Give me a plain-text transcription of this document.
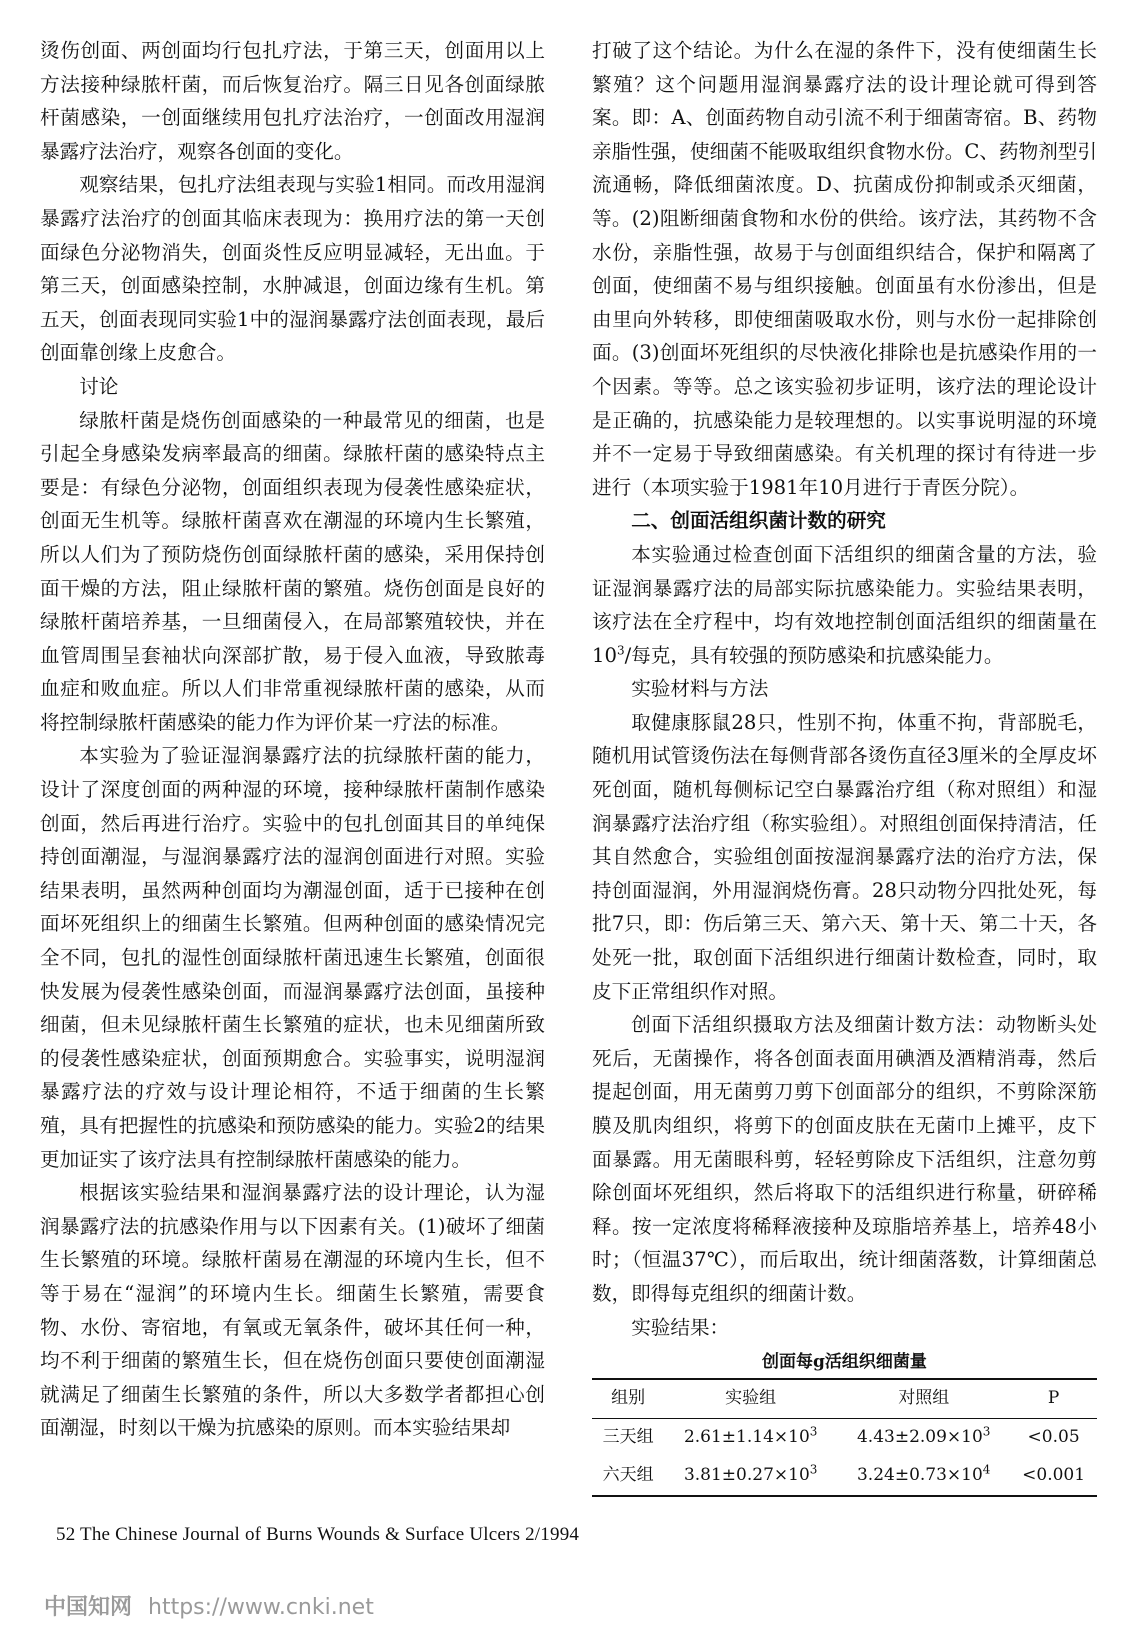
烫伤创面、两创面均行包扎疗法，于第三天，创面用以上方法接种绿脓杆菌，而后恢复治疗。隔三日见各创面绿脓杆菌感染，一创面继续用包扎疗法治疗，一创面改用湿润暴露疗法治疗，观察各创面的变化。

观察结果，包扎疗法组表现与实验1相同。而改用湿润暴露疗法治疗的创面其临床表现为：换用疗法的第一天创面绿色分泌物消失，创面炎性反应明显减轻，无出血。于第三天，创面感染控制，水肿减退，创面边缘有生机。第五天，创面表现同实验1中的湿润暴露疗法创面表现，最后创面靠创缘上皮愈合。

讨论

绿脓杆菌是烧伤创面感染的一种最常见的细菌，也是引起全身感染发病率最高的细菌。绿脓杆菌的感染特点主要是：有绿色分泌物，创面组织表现为侵袭性感染症状，创面无生机等。绿脓杆菌喜欢在潮湿的环境内生长繁殖，所以人们为了预防烧伤创面绿脓杆菌的感染，采用保持创面干燥的方法，阻止绿脓杆菌的繁殖。烧伤创面是良好的绿脓杆菌培养基，一旦细菌侵入，在局部繁殖较快，并在血管周围呈套袖状向深部扩散，易于侵入血液，导致脓毒血症和败血症。所以人们非常重视绿脓杆菌的感染，从而将控制绿脓杆菌感染的能力作为评价某一疗法的标准。

本实验为了验证湿润暴露疗法的抗绿脓杆菌的能力，设计了深度创面的两种湿的环境，接种绿脓杆菌制作感染创面，然后再进行治疗。实验中的包扎创面其目的单纯保持创面潮湿，与湿润暴露疗法的湿润创面进行对照。实验结果表明，虽然两种创面均为潮湿创面，适于已接种在创面坏死组织上的细菌生长繁殖。但两种创面的感染情况完全不同，包扎的湿性创面绿脓杆菌迅速生长繁殖，创面很快发展为侵袭性感染创面，而湿润暴露疗法创面，虽接种细菌，但未见绿脓杆菌生长繁殖的症状，也未见细菌所致的侵袭性感染症状，创面预期愈合。实验事实，说明湿润暴露疗法的疗效与设计理论相符，不适于细菌的生长繁殖，具有把握性的抗感染和预防感染的能力。实验2的结果更加证实了该疗法具有控制绿脓杆菌感染的能力。

根据该实验结果和湿润暴露疗法的设计理论，认为湿润暴露疗法的抗感染作用与以下因素有关。(1)破坏了细菌生长繁殖的环境。绿脓杆菌易在潮湿的环境内生长，但不等于易在“湿润”的环境内生长。细菌生长繁殖，需要食物、水份、寄宿地，有氧或无氧条件，破坏其任何一种，均不利于细菌的繁殖生长，但在烧伤创面只要使创面潮湿就满足了细菌生长繁殖的条件，所以大多数学者都担心创面潮湿，时刻以干燥为抗感染的原则。而本实验结果却

打破了这个结论。为什么在湿的条件下，没有使细菌生长繁殖？这个问题用湿润暴露疗法的设计理论就可得到答案。即：A、创面药物自动引流不利于细菌寄宿。B、药物亲脂性强，使细菌不能吸取组织食物水份。C、药物剂型引流通畅，降低细菌浓度。D、抗菌成份抑制或杀灭细菌，等。(2)阻断细菌食物和水份的供给。该疗法，其药物不含水份，亲脂性强，故易于与创面组织结合，保护和隔离了创面，使细菌不易与组织接触。创面虽有水份渗出，但是由里向外转移，即使细菌吸取水份，则与水份一起排除创面。(3)创面坏死组织的尽快液化排除也是抗感染作用的一个因素。等等。总之该实验初步证明，该疗法的理论设计是正确的，抗感染能力是较理想的。以实事说明湿的环境并不一定易于导致细菌感染。有关机理的探讨有待进一步进行（本项实验于1981年10月进行于青医分院）。

二、创面活组织菌计数的研究

本实验通过检查创面下活组织的细菌含量的方法，验证湿润暴露疗法的局部实际抗感染能力。实验结果表明，该疗法在全疗程中，均有效地控制创面活组织的细菌量在$10^3/$每克，具有较强的预防感染和抗感染能力。

实验材料与方法

取健康豚鼠28只，性别不拘，体重不拘，背部脱毛，随机用试管烫伤法在每侧背部各烫伤直径3厘米的全厚皮坏死创面，随机每侧标记空白暴露治疗组（称对照组）和湿润暴露疗法治疗组（称实验组）。对照组创面保持清洁，任其自然愈合，实验组创面按湿润暴露疗法的治疗方法，保持创面湿润，外用湿润烧伤膏。28只动物分四批处死，每批7只，即：伤后第三天、第六天、第十天、第二十天，各处死一批，取创面下活组织进行细菌计数检查，同时，取皮下正常组织作对照。

创面下活组织摄取方法及细菌计数方法：动物断头处死后，无菌操作，将各创面表面用碘酒及酒精消毒，然后提起创面，用无菌剪刀剪下创面部分的组织，不剪除深筋膜及肌肉组织，将剪下的创面皮肤在无菌巾上摊平，皮下面暴露。用无菌眼科剪，轻轻剪除皮下活组织，注意勿剪除创面坏死组织，然后将取下的活组织进行称量，研碎稀释。按一定浓度将稀释液接种及琼脂培养基上，培养48小时；（恒温37℃），而后取出，统计细菌落数，计算细菌总数，即得每克组织的细菌计数。

实验结果：

创面每g活组织细菌量
组别	实验组	对照组	P
三天组	$2.61\pm 1.14\times 10^3$	$4.43\pm 2.09\times 10^3$	<0.05
六天组	$3.81\pm 0.27\times 10^3$	$3.24\pm 0.73\times 10^4$	<0.001
52 The Chinese Journal of Burns Wounds & Surface Ulcers 2/1994
中国知网 https://www.cnki.net
